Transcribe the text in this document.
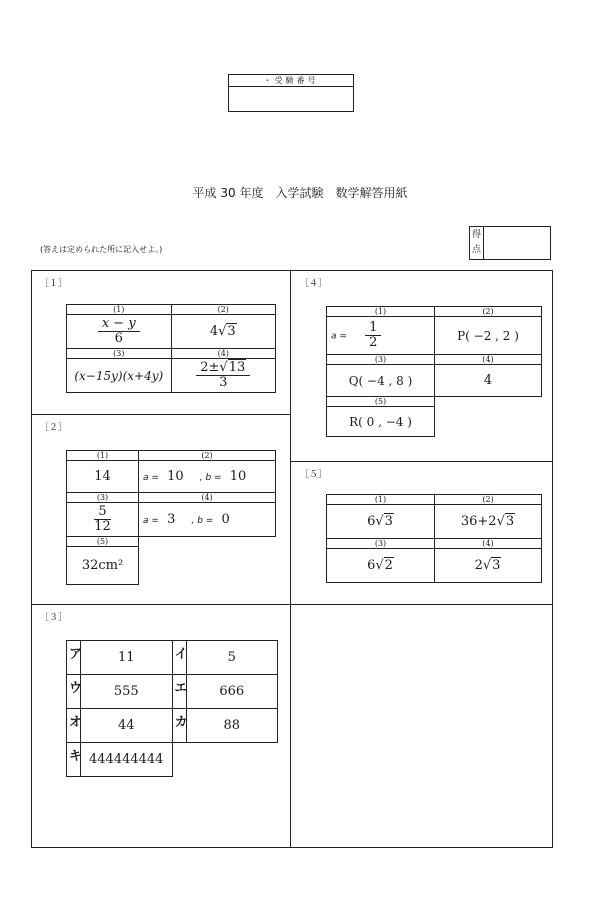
・受験番号
平成 30 年度　入学試験　数学解答用紙
(答えは定められた所に記入せよ。)
得
点
［１］
(1)	(2)

$\frac{x - y}{6}$	4√3
(3)	(4)
(x−15y)(x+4y)	$\frac{2\pm√13}{3}$
［２］
(1)	(2)
14	a = 10 , b = 10
(3)	(4)

$\frac{5}{12}$	a = 3 , b = 0
(5)	
32cm²	
［３］
ア	11	イ	5
ウ	555	エ	666
オ	44	カ	88
キ	444444444		
［４］
(1)	(2)
$a = \frac{1}{2}$	P( −2 , 2 )
(3)	(4)
Q( −4 , 8 )	4
(5)	
R( 0 , −4 )	
［５］
(1)	(2)
6√3	36+2√3
(3)	(4)
6√2	2√3
